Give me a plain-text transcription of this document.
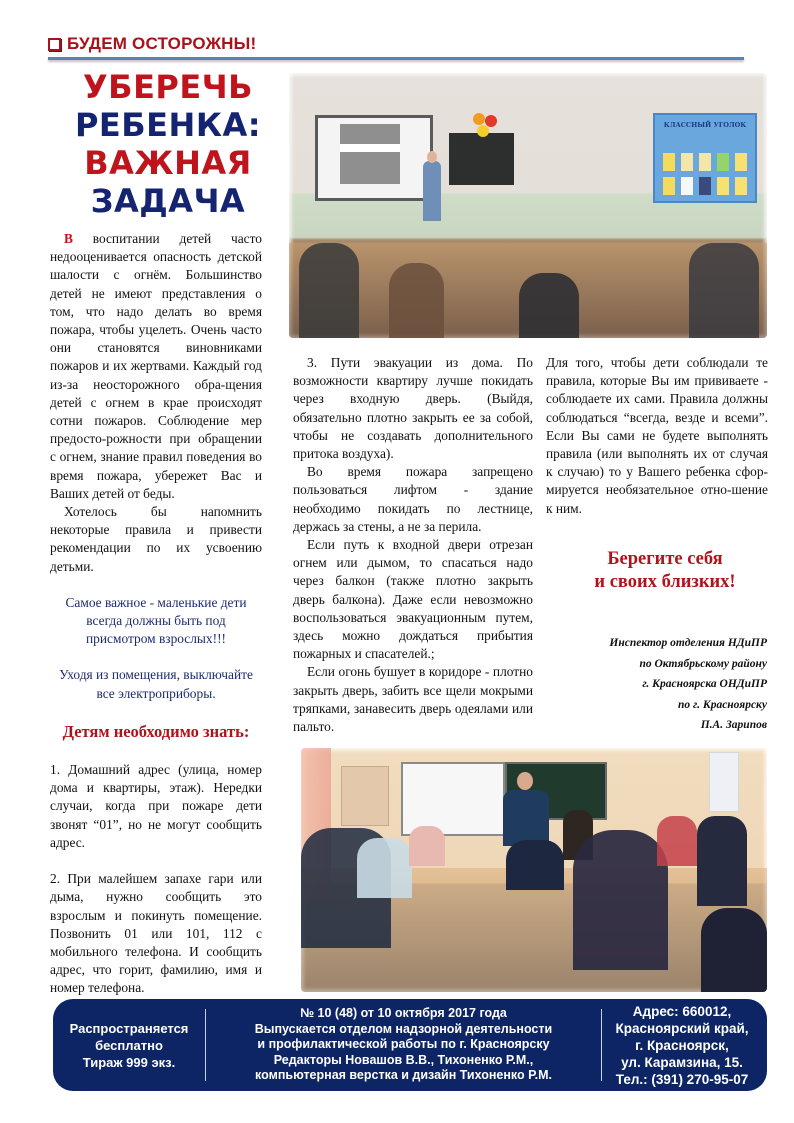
БУДЕМ ОСТОРОЖНЫ!
УБЕРЕЧЬ
РЕБЕНКА:
ВАЖНАЯ
ЗАДАЧА
КЛАССНЫЙ УГОЛОК

В воспитании детей часто недооценивается опасность детской шалости с огнём. Большинство детей не имеют представления о том, что надо делать во время пожара, чтобы уцелеть. Очень часто они становятся виновниками пожаров и их жертвами. Каждый год из-за неосторожного обра-щения детей с огнем в крае происходят сотни пожаров. Соблюдение мер предосто-рожности при обращении с огнем, знание правил поведения во время пожара, убережет Вас и Ваших детей от беды.

Хотелось бы напомнить некоторые правила и привести рекомендации по их усвоению детьми.

Самое важное - маленькие дети всегда должны быть под присмотром взрослых!!!

Уходя из помещения, выключайте все электроприборы.

Детям необходимо знать:

1. Домашний адрес (улица, номер дома и квартиры, этаж). Нередки случаи, когда при пожаре дети звонят “01”, но не могут сообщить адрес.

2. При малейшем запахе гари или дыма, нужно сообщить это взрослым и покинуть помещение. Позвонить 01 или 101, 112 с мобильного телефона. И сообщить адрес, что горит, фамилию, имя и номер телефона.

3. Пути эвакуации из дома. По возможности квартиру лучше покидать через входную дверь. (Выйдя, обязательно плотно закрыть ее за собой, чтобы не создавать дополнительного притока воздуха).

Во время пожара запрещено пользоваться лифтом - здание необходимо покидать по лестнице, держась за стены, а не за перила.

Если путь к входной двери отрезан огнем или дымом, то спасаться надо через балкон (также плотно закрыть дверь балкона). Даже если невозможно воспользоваться эвакуационным путем, здесь можно дождаться прибытия пожарных и спасателей.;

Если огонь бушует в коридоре - плотно закрыть дверь, забить все щели мокрыми тряпками, занавесить дверь одеялами или пальто.

Для того, чтобы дети соблюдали те правила, которые Вы им прививаете - соблюдаете их сами. Правила должны соблюдаться “всегда, везде и всеми”. Если Вы сами не будете выполнять правила (или выполнять их от случая к случаю) то у Вашего ребенка сфор-мируется необязательное отно-шение к ним.

Берегите себя
и своих близких!
Инспектор отделения НДиПР
по Октябрьскому району
г. Красноярска ОНДиПР
по г. Красноярску
П.А. Зарипов
Распространяется
бесплатно
Тираж 999 экз.
№ 10 (48) от 10 октября 2017 года
Выпускается отделом надзорной деятельности
и профилактической работы по г. Красноярску
Редакторы Новашов В.В., Тихоненко Р.М.,
компьютерная верстка и дизайн Тихоненко Р.М.
Адрес: 660012,
Красноярский край,
г. Красноярск,
ул. Карамзина, 15.
Тел.: (391) 270-95-07
